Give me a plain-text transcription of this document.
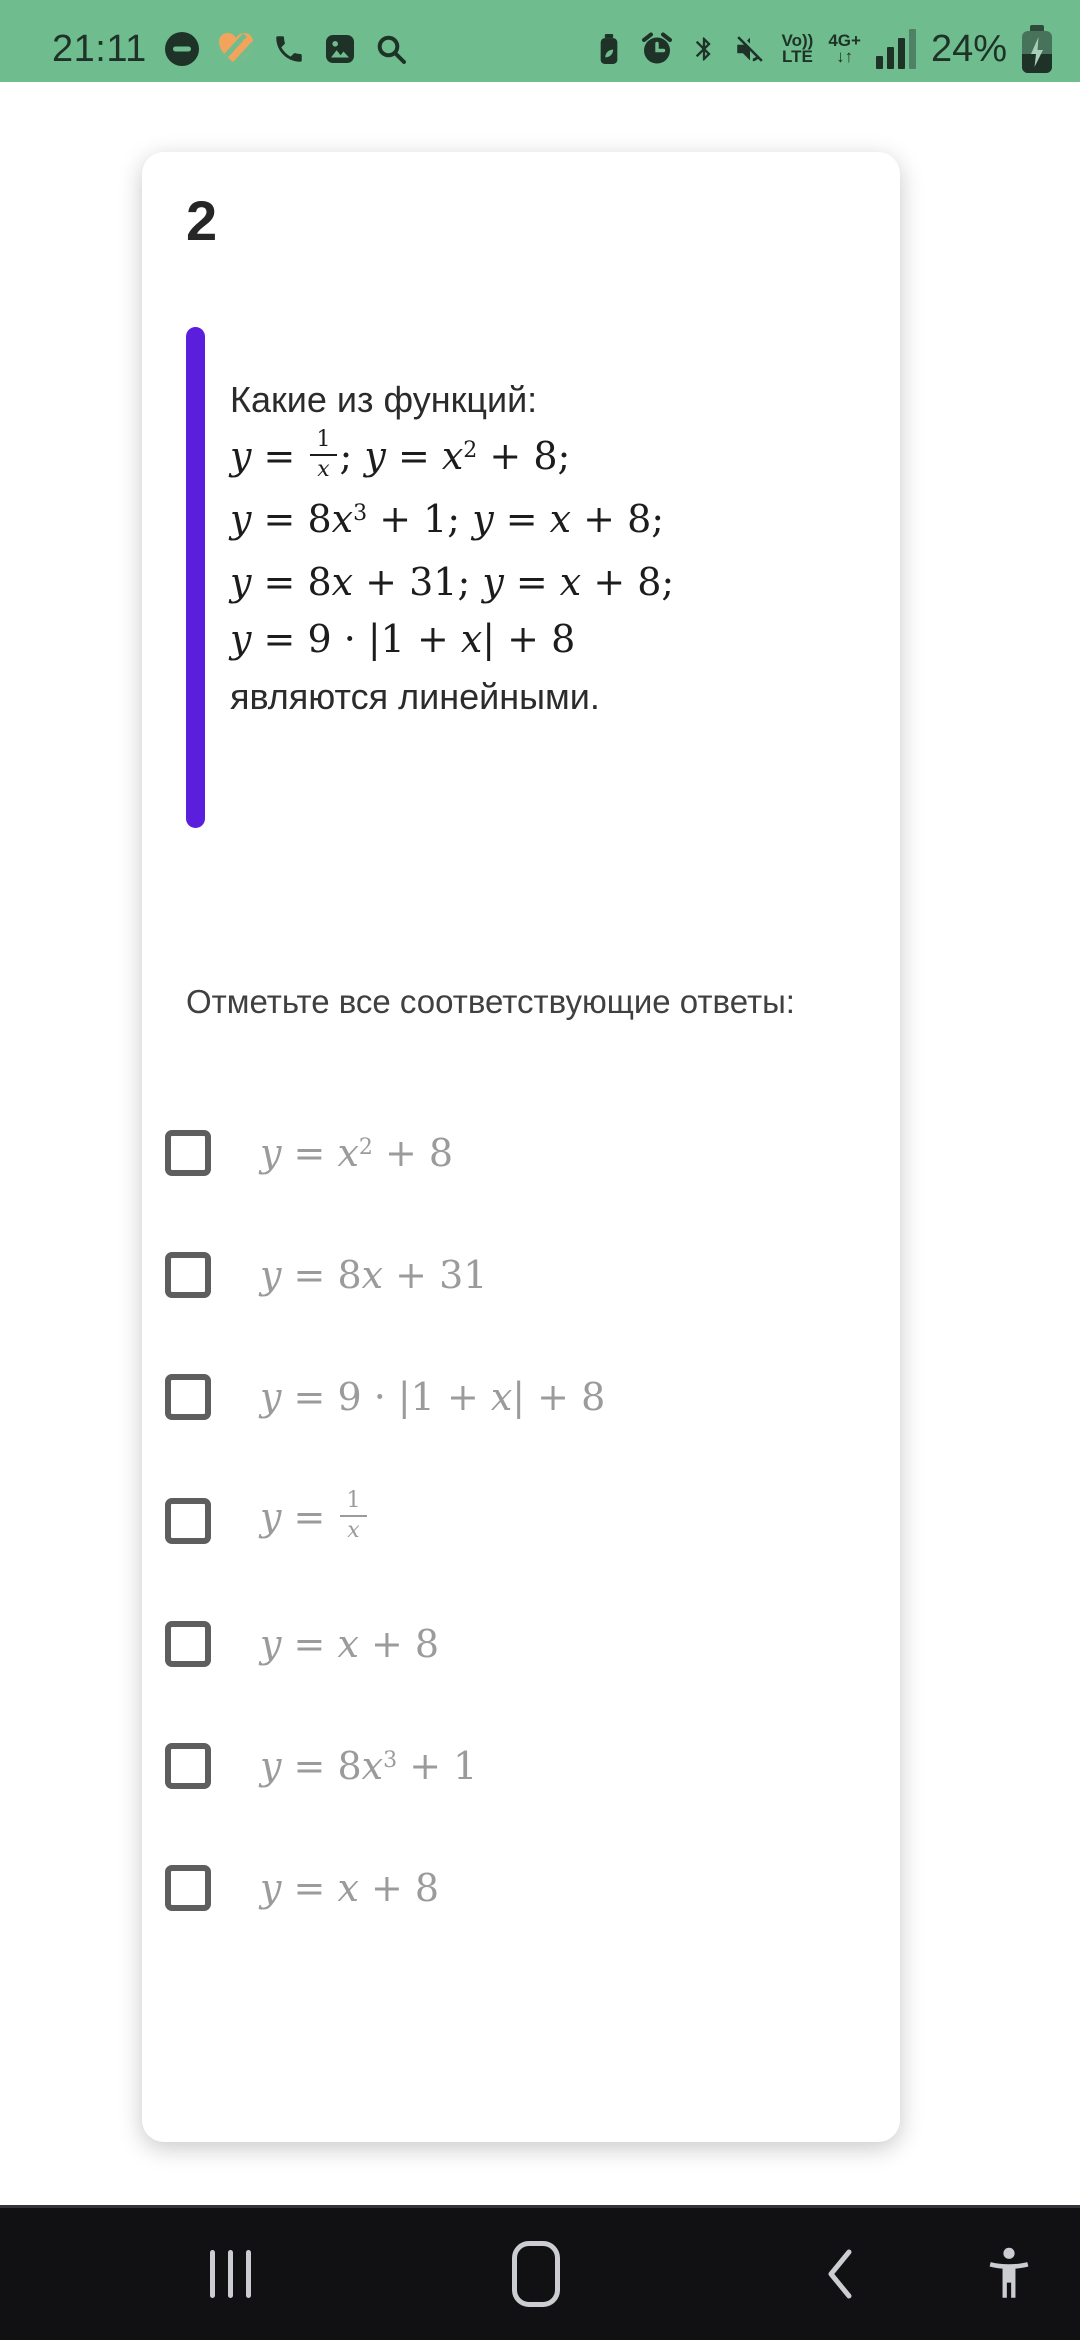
21:11	Vo))
LTE
4G+
↓↑ 24%
2
Какие из функций:
$y = \frac{1}{x}$ ; $y = x^2 + 8$;
$y = 8x^3 + 1$; y = x + 8;
y = 8x + 31; y = x + 8;
y = 9 · |1 + x| + 8
являются линейными.
Отметьте все соответствующие ответы:
$y = x^2 + 8$
y = 8x + 31
y = 9 · |1 + x| + 8
$y = \frac{1}{x}$
y = x + 8
$y = 8x^3 + 1$
y = x + 8
